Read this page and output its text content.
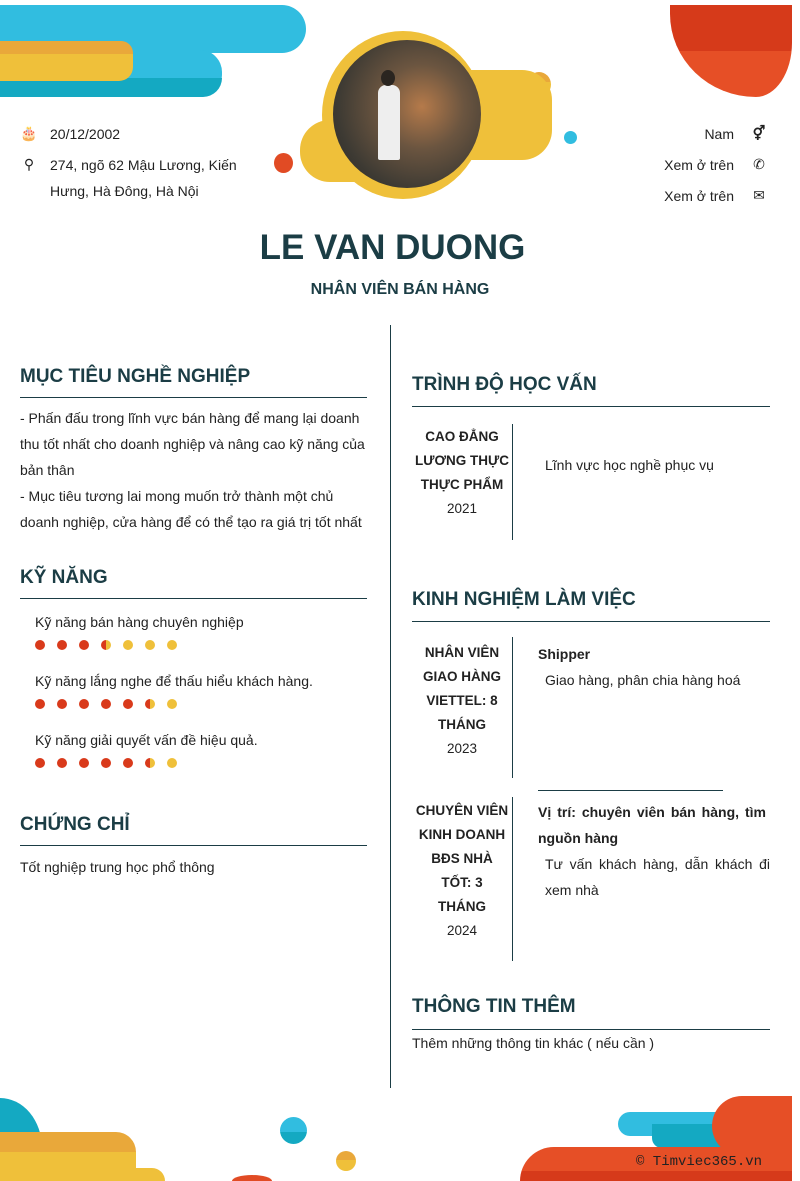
© Timviec365.vn
🎂 20/12/2002
⚲ 274, ngõ 62 Mậu Lương, Kiến
Hưng, Hà Đông, Hà Nội
Nam ⚥
Xem ở trên ✆
Xem ở trên ✉
LE VAN DUONG
NHÂN VIÊN BÁN HÀNG
MỤC TIÊU NGHỀ NGHIỆP
- Phấn đấu trong lĩnh vực bán hàng để mang lại doanh
thu tốt nhất cho doanh nghiệp và nâng cao kỹ năng của
bản thân
- Mục tiêu tương lai mong muốn trở thành một chủ
doanh nghiệp, cửa hàng để có thể tạo ra giá trị tốt nhất
KỸ NĂNG
Kỹ năng bán hàng chuyên nghiệp
Kỹ năng lắng nghe để thấu hiểu khách hàng.
Kỹ năng giải quyết vấn đề hiệu quả.
CHỨNG CHỈ
Tốt nghiệp trung học phổ thông
TRÌNH ĐỘ HỌC VẤN
CAO ĐẲNG
LƯƠNG THỰC
THỰC PHẨM
2021
Lĩnh vực học nghề phục vụ
KINH NGHIỆM LÀM VIỆC
NHÂN VIÊN
GIAO HÀNG
VIETTEL: 8
THÁNG
2023
Shipper
Giao hàng, phân chia hàng hoá
CHUYÊN VIÊN
KINH DOANH
BĐS NHÀ
TỐT: 3
THÁNG
2024
Vị trí: chuyên viên bán hàng, tìm nguồn hàng
Tư vấn khách hàng, dẫn khách đi xem nhà
THÔNG TIN THÊM
Thêm những thông tin khác ( nếu cần )
